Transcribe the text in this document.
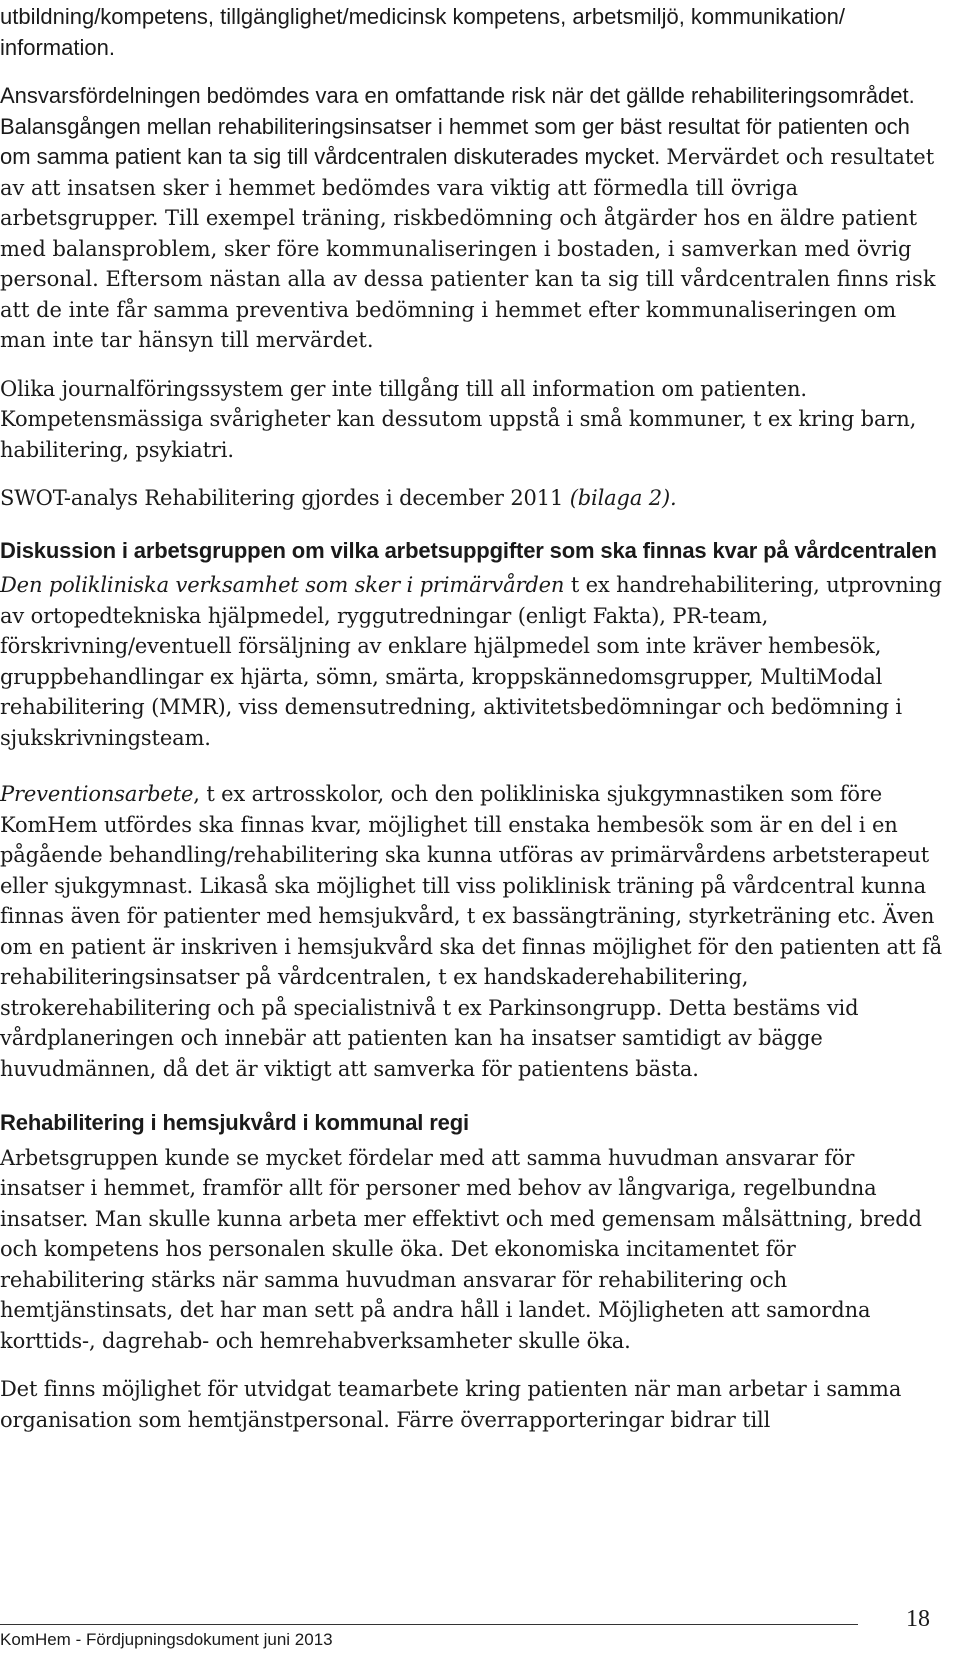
utbildning/kompetens, tillgänglighet/medicinsk kompetens, arbetsmiljö, kommunikation/ information.

Ansvarsfördelningen bedömdes vara en omfattande risk när det gällde rehabiliteringsområdet. Balansgången mellan rehabiliteringsinsatser i hemmet som ger bäst resultat för patienten och om samma patient kan ta sig till vårdcentralen diskuterades mycket. Mervärdet och resultatet av att insatsen sker i hemmet bedömdes vara viktig att förmedla till övriga arbetsgrupper. Till exempel träning, riskbedömning och åtgärder hos en äldre patient med balansproblem, sker före kommunaliseringen i bostaden, i samverkan med övrig personal. Eftersom nästan alla av dessa patienter kan ta sig till vårdcentralen finns risk att de inte får samma preventiva bedömning i hemmet efter kommunaliseringen om man inte tar hänsyn till mervärdet.

Olika journalföringssystem ger inte tillgång till all information om patienten. Kompetensmässiga svårigheter kan dessutom uppstå i små kommuner, t ex kring barn, habilitering, psykiatri.

SWOT-analys Rehabilitering gjordes i december 2011 (bilaga 2).

Diskussion i arbetsgruppen om vilka arbetsuppgifter som ska finnas kvar på vårdcentralen

Den polikliniska verksamhet som sker i primärvården t ex handrehabilitering, utprovning av ortopedtekniska hjälpmedel, ryggutredningar (enligt Fakta), PR-team, förskrivning/eventuell försäljning av enklare hjälpmedel som inte kräver hembesök, gruppbehandlingar ex hjärta, sömn, smärta, kroppskännedomsgrupper, MultiModal rehabilitering (MMR), viss demensutredning, aktivitetsbedömningar och bedömning i sjukskrivningsteam.

Preventionsarbete, t ex artrosskolor, och den polikliniska sjukgymnastiken som före KomHem utfördes ska finnas kvar, möjlighet till enstaka hembesök som är en del i en pågående behandling/rehabilitering ska kunna utföras av primärvårdens arbetsterapeut eller sjukgymnast. Likaså ska möjlighet till viss poliklinisk träning på vårdcentral kunna finnas även för patienter med hemsjukvård, t ex bassängträning, styrketräning etc. Även om en patient är inskriven i hemsjukvård ska det finnas möjlighet för den patienten att få rehabiliteringsinsatser på vårdcentralen, t ex handskaderehabilitering, strokerehabilitering och på specialistnivå t ex Parkinsongrupp. Detta bestäms vid vårdplaneringen och innebär att patienten kan ha insatser samtidigt av bägge huvudmännen, då det är viktigt att samverka för patientens bästa.

Rehabilitering i hemsjukvård i kommunal regi

Arbetsgruppen kunde se mycket fördelar med att samma huvudman ansvarar för insatser i hemmet, framför allt för personer med behov av långvariga, regelbundna insatser. Man skulle kunna arbeta mer effektivt och med gemensam målsättning, bredd och kompetens hos personalen skulle öka. Det ekonomiska incitamentet för rehabilitering stärks när samma huvudman ansvarar för rehabilitering och hemtjänstinsats, det har man sett på andra håll i landet. Möjligheten att samordna korttids-, dagrehab- och hemrehabverksamheter skulle öka.

Det finns möjlighet för utvidgat teamarbete kring patienten när man arbetar i samma organisation som hemtjänstpersonal. Färre överrapporteringar bidrar till

KomHem - Fördjupningsdokument juni 2013
18
